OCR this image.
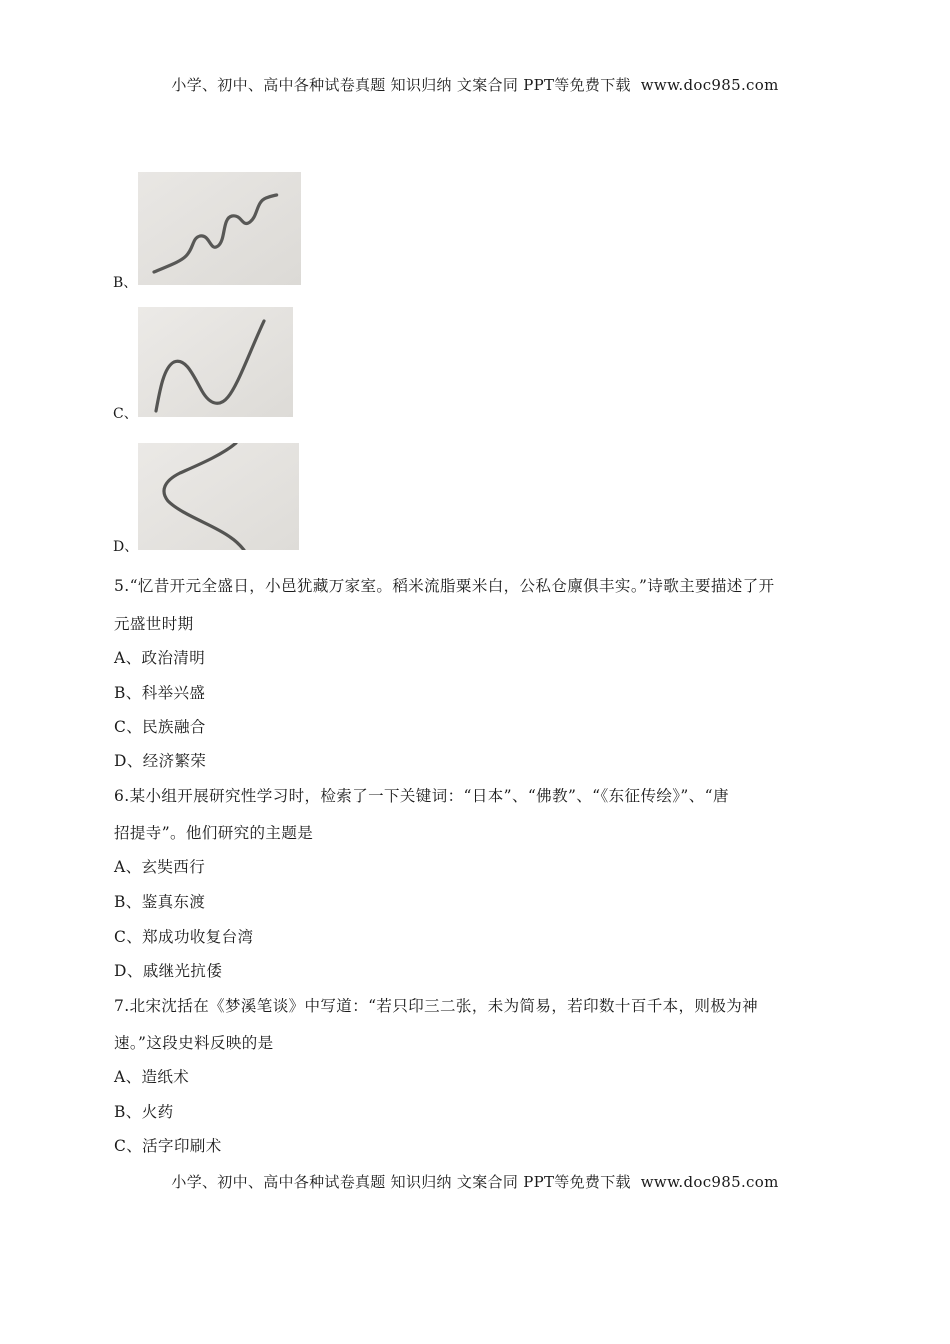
小学、初中、高中各种试卷真题 知识归纳 文案合同 PPT等免费下载 www.doc985.com
B、
C、
D、
5.“忆昔开元全盛日，小邑犹藏万家室。稻米流脂粟米白，公私仓廪俱丰实。”诗歌主要描述了开
元盛世时期
A、政治清明
B、科举兴盛
C、民族融合
D、经济繁荣
6.某小组开展研究性学习时，检索了一下关键词：“日本”、“佛教”、“《东征传绘》”、“唐
招提寺”。他们研究的主题是
A、玄奘西行
B、鉴真东渡
C、郑成功收复台湾
D、戚继光抗倭
7.北宋沈括在《梦溪笔谈》中写道：“若只印三二张，未为简易，若印数十百千本，则极为神
速。”这段史料反映的是
A、造纸术
B、火药
C、活字印刷术
小学、初中、高中各种试卷真题 知识归纳 文案合同 PPT等免费下载 www.doc985.com
